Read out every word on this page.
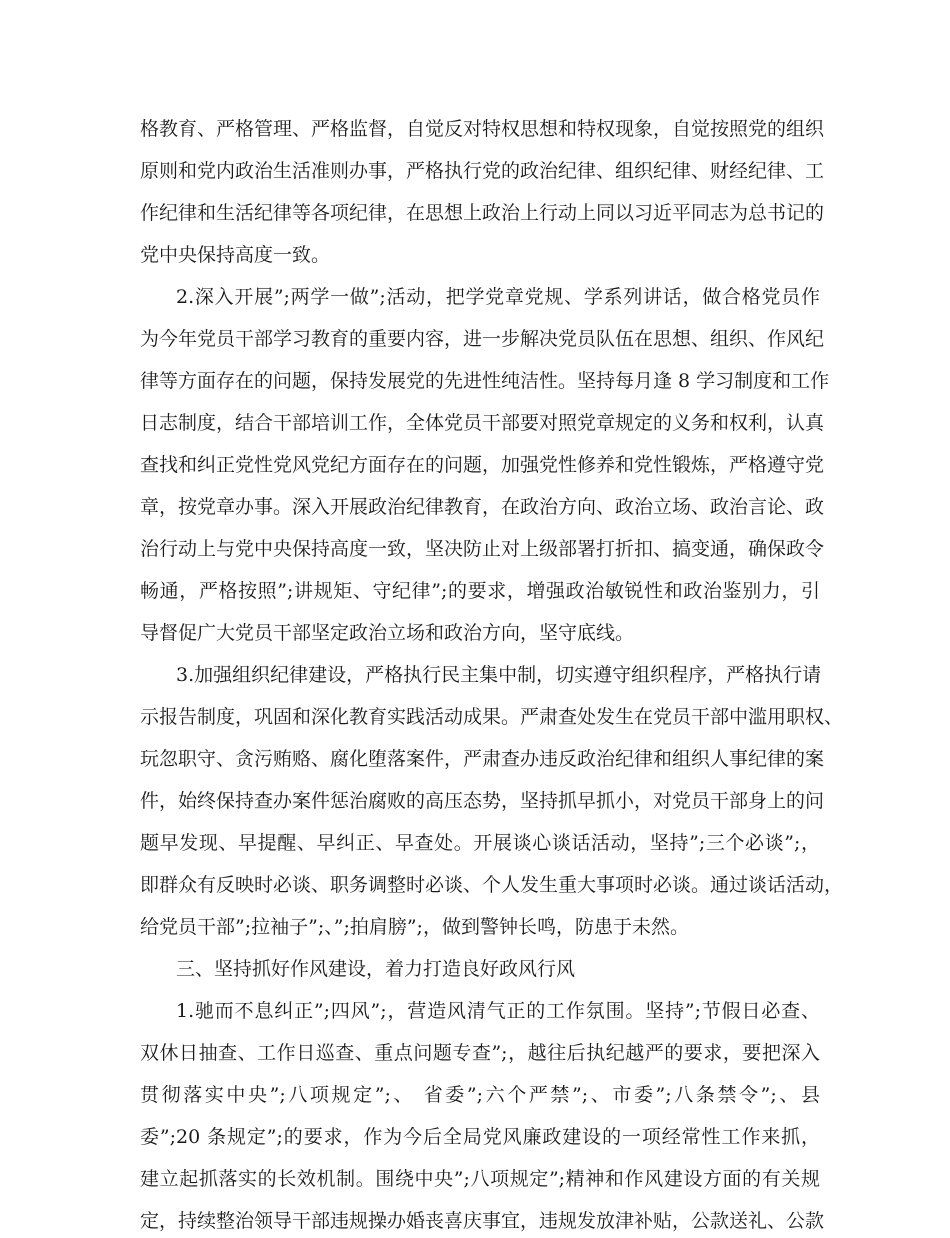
格教育、严格管理、严格监督，自觉反对特权思想和特权现象，自觉按照党的组织
原则和党内政治生活准则办事，严格执行党的政治纪律、组织纪律、财经纪律、工
作纪律和生活纪律等各项纪律，在思想上政治上行动上同以习近平同志为总书记的
党中央保持高度一致。
2.深入开展”;两学一做”;活动，把学党章党规、学系列讲话，做合格党员作
为今年党员干部学习教育的重要内容，进一步解决党员队伍在思想、组织、作风纪
律等方面存在的问题，保持发展党的先进性纯洁性。坚持每月逢 8 学习制度和工作
日志制度，结合干部培训工作，全体党员干部要对照党章规定的义务和权利，认真
查找和纠正党性党风党纪方面存在的问题，加强党性修养和党性锻炼，严格遵守党
章，按党章办事。深入开展政治纪律教育，在政治方向、政治立场、政治言论、政
治行动上与党中央保持高度一致，坚决防止对上级部署打折扣、搞变通，确保政令
畅通，严格按照”;讲规矩、守纪律”;的要求，增强政治敏锐性和政治鉴别力，引
导督促广大党员干部坚定政治立场和政治方向，坚守底线。
3.加强组织纪律建设，严格执行民主集中制，切实遵守组织程序，严格执行请
示报告制度，巩固和深化教育实践活动成果。严肃查处发生在党员干部中滥用职权、
玩忽职守、贪污贿赂、腐化堕落案件，严肃查办违反政治纪律和组织人事纪律的案
件，始终保持查办案件惩治腐败的高压态势，坚持抓早抓小，对党员干部身上的问
题早发现、早提醒、早纠正、早查处。开展谈心谈话活动，坚持”;三个必谈”;，
即群众有反映时必谈、职务调整时必谈、个人发生重大事项时必谈。通过谈话活动，
给党员干部”;拉袖子”;、”;拍肩膀”;，做到警钟长鸣，防患于未然。
三、坚持抓好作风建设，着力打造良好政风行风
1.驰而不息纠正”;四风”;，营造风清气正的工作氛围。坚持”;节假日必查、
双休日抽查、工作日巡查、重点问题专查”;，越往后执纪越严的要求，要把深入
贯彻落实中央”;八项规定”;、 省委”;六个严禁”;、市委”;八条禁令”;、县
委”;20 条规定”;的要求，作为今后全局党风廉政建设的一项经常性工作来抓，
建立起抓落实的长效机制。围绕中央”;八项规定”;精神和作风建设方面的有关规
定，持续整治领导干部违规操办婚丧喜庆事宜，违规发放津补贴，公款送礼、公款
